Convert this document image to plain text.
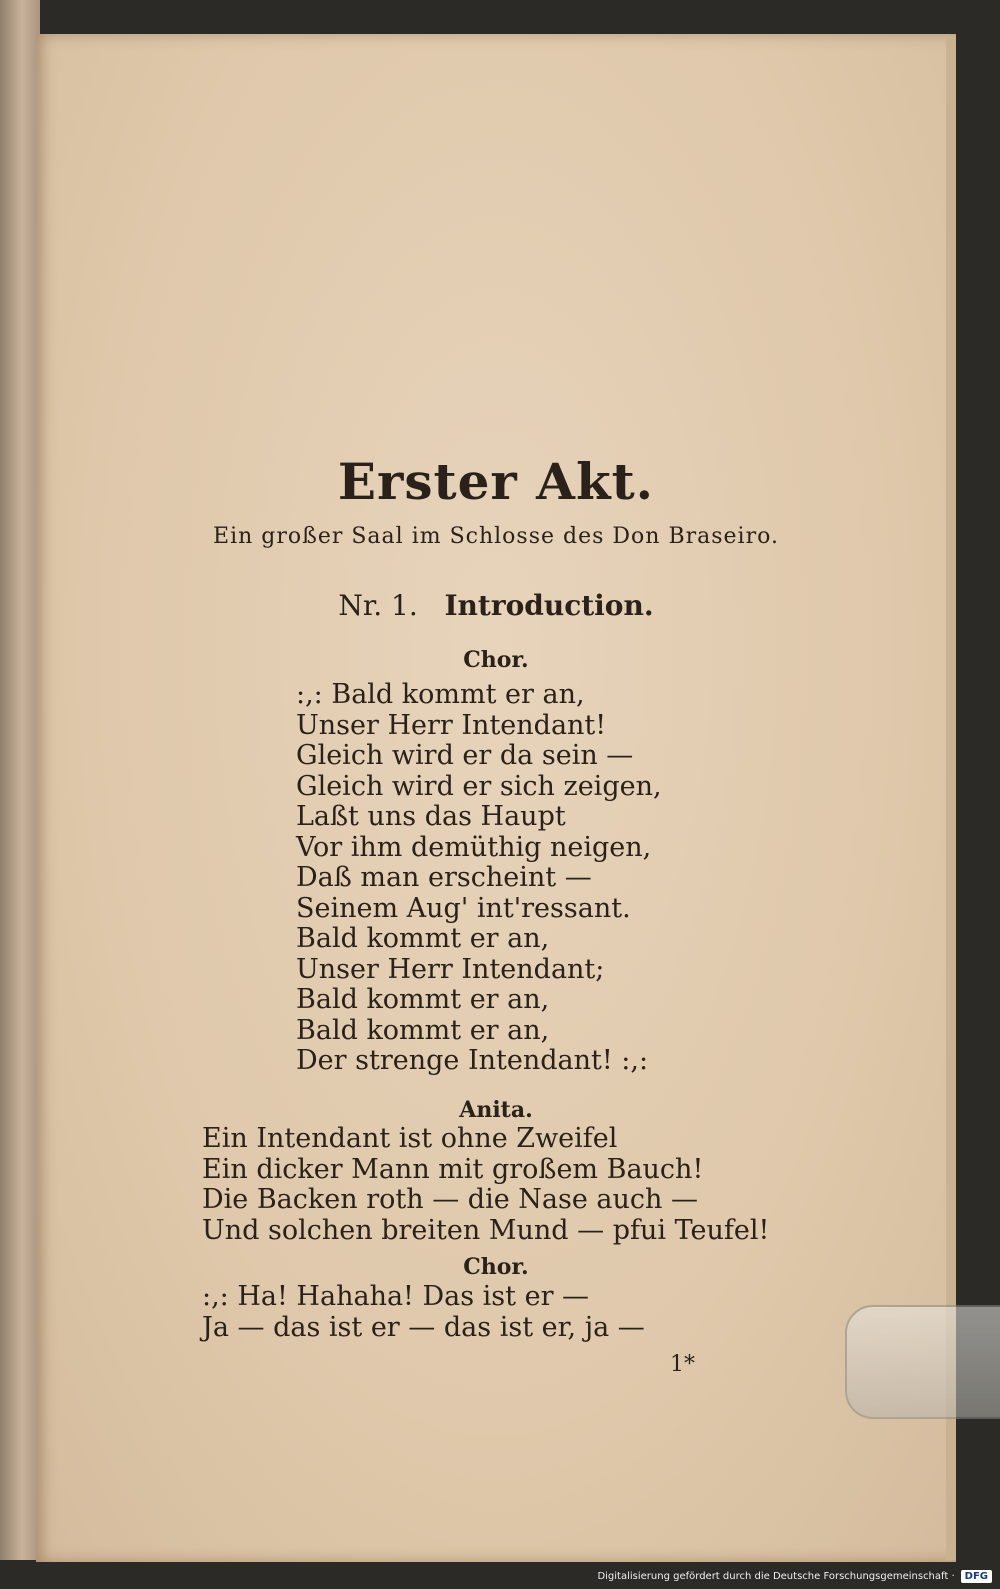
Erster Akt.
Ein großer Saal im Schlosse des Don Braseiro.
Nr. 1. Introduction.
Chor.
:,: Bald kommt er an,
Unser Herr Intendant!
Gleich wird er da sein —
Gleich wird er sich zeigen,
Laßt uns das Haupt
Vor ihm demüthig neigen,
Daß man erscheint —
Seinem Aug' int'ressant.
Bald kommt er an,
Unser Herr Intendant;
Bald kommt er an,
Bald kommt er an,
Der strenge Intendant! :,:
Anita.
Ein Intendant ist ohne Zweifel
Ein dicker Mann mit großem Bauch!
Die Backen roth — die Nase auch —
Und solchen breiten Mund — pfui Teufel!
Chor.
:,: Ha! Hahaha! Das ist er —
Ja — das ist er — das ist er, ja —
1*
Digitalisierung gefördert durch die Deutsche Forschungsgemeinschaft ·	DFG
